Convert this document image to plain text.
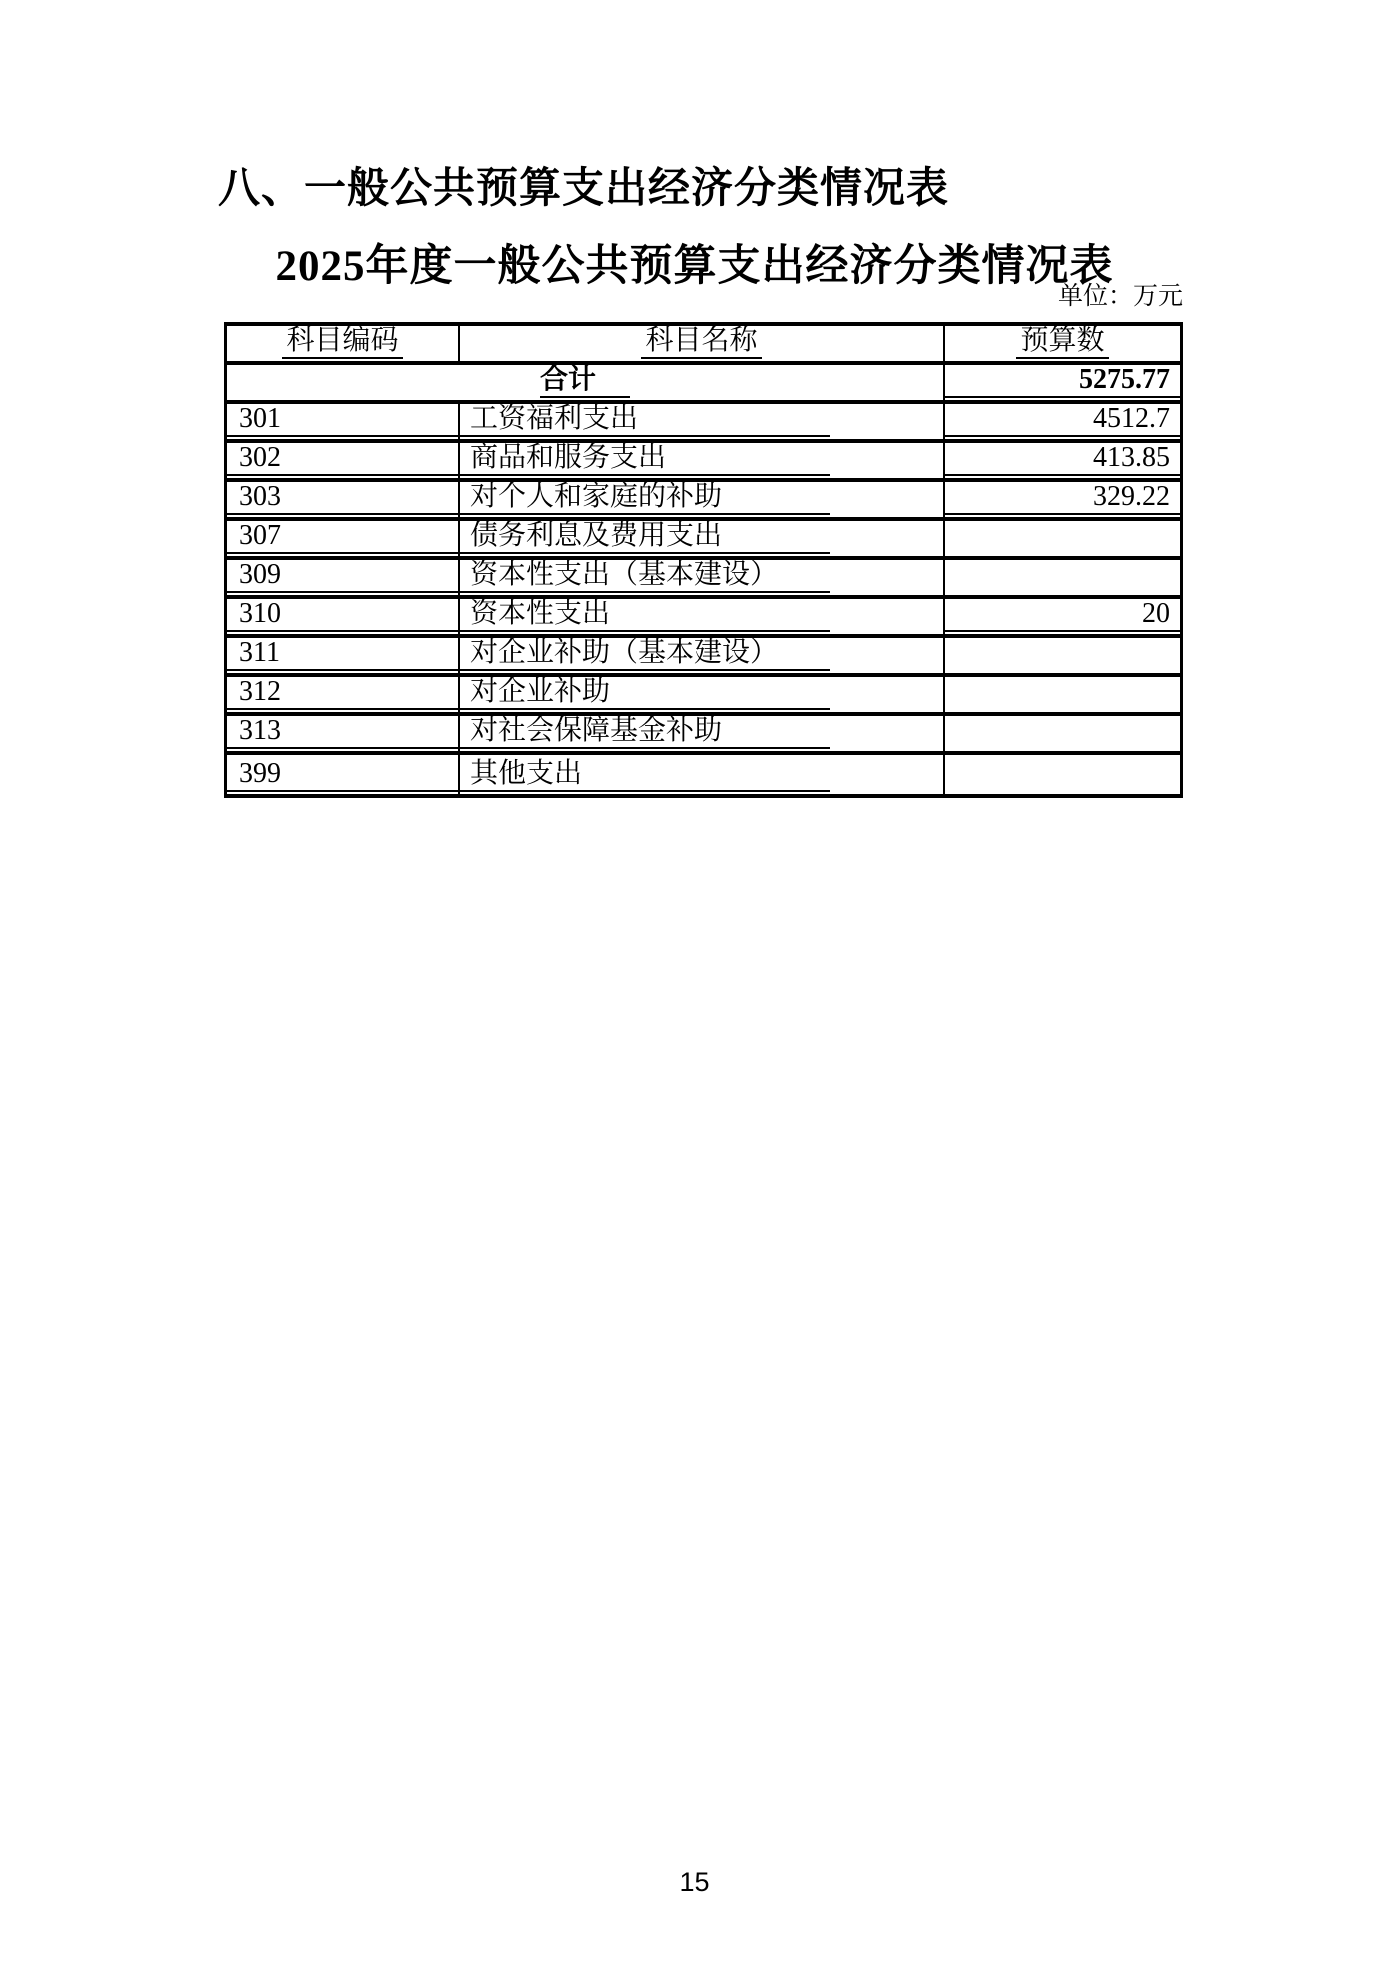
八、一般公共预算支出经济分类情况表
2025年度一般公共预算支出经济分类情况表
单位：万元
科目编码	科目名称	预算数
合计	5275.77
301	工资福利支出	4512.7
302	商品和服务支出	413.85
303	对个人和家庭的补助	329.22
307	债务利息及费用支出
309	资本性支出（基本建设）
310	资本性支出	20
311	对企业补助（基本建设）
312	对企业补助
313	对社会保障基金补助
399	其他支出
15
